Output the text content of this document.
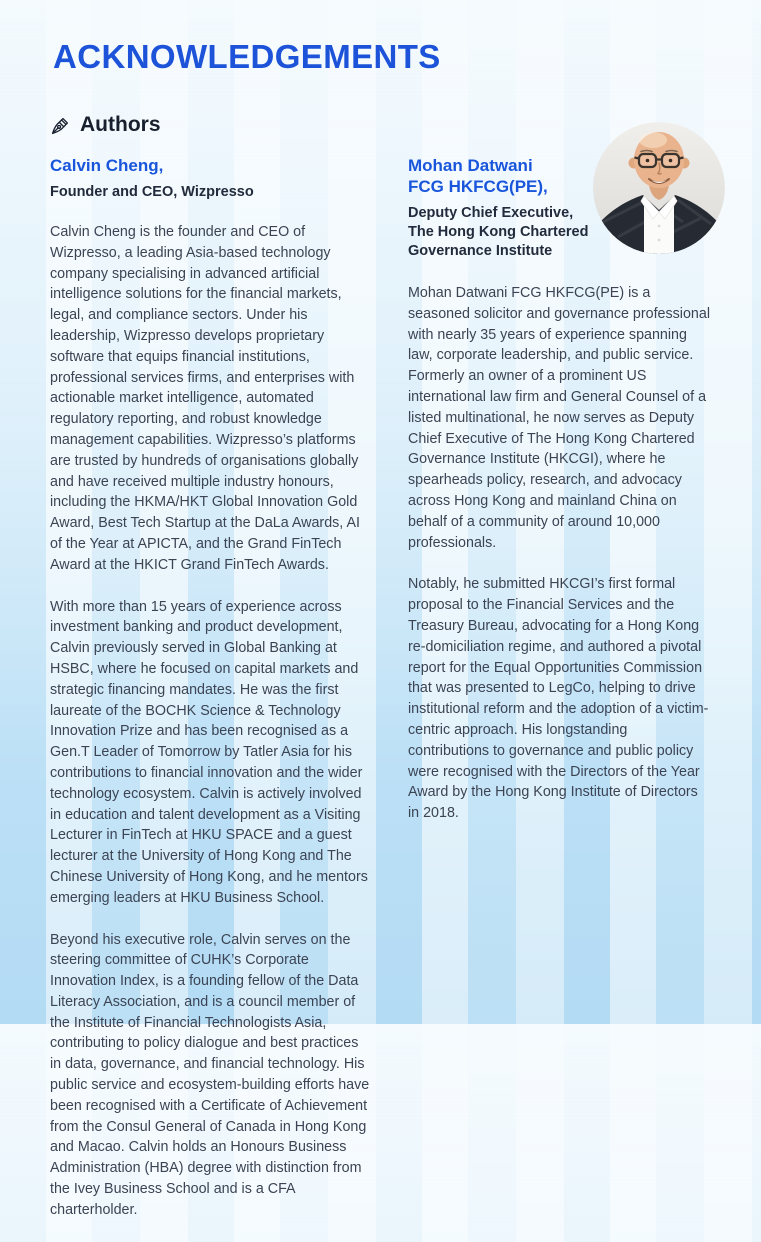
ACKNOWLEDGEMENTS
Authors
Calvin Cheng,
Founder and CEO, Wizpresso

Calvin Cheng is the founder and CEO of Wizpresso, a leading Asia-based technology company specialising in advanced artificial intelligence solutions for the financial markets, legal, and compliance sectors. Under his leadership, Wizpresso develops proprietary software that equips financial institutions, professional services firms, and enterprises with actionable market intelligence, automated regulatory reporting, and robust knowledge management capabilities. Wizpresso’s platforms are trusted by hundreds of organisations globally and have received multiple industry honours, including the HKMA/HKT Global Innovation Gold Award, Best Tech Startup at the DaLa Awards, AI of the Year at APICTA, and the Grand FinTech Award at the HKICT Grand FinTech Awards.

With more than 15 years of experience across investment banking and product development, Calvin previously served in Global Banking at HSBC, where he focused on capital markets and strategic financing mandates. He was the first laureate of the BOCHK Science & Technology Innovation Prize and has been recognised as a Gen.T Leader of Tomorrow by Tatler Asia for his contributions to financial innovation and the wider technology ecosystem. Calvin is actively involved in education and talent development as a Visiting Lecturer in FinTech at HKU SPACE and a guest lecturer at the University of Hong Kong and The Chinese University of Hong Kong, and he mentors emerging leaders at HKU Business School.

Beyond his executive role, Calvin serves on the steering committee of CUHK’s Corporate Innovation Index, is a founding fellow of the Data Literacy Association, and is a council member of the Institute of Financial Technologists Asia, contributing to policy dialogue and best practices in data, governance, and financial technology. His public service and ecosystem-building efforts have been recognised with a Certificate of Achievement from the Consul General of Canada in Hong Kong and Macao. Calvin holds an Honours Business Administration (HBA) degree with distinction from the Ivey Business School and is a CFA charterholder.

Mohan Datwani
FCG HKFCG(PE),
Deputy Chief Executive,
The Hong Kong Chartered
Governance Institute

Mohan Datwani FCG HKFCG(PE) is a seasoned solicitor and governance professional with nearly 35 years of experience spanning law, corporate leadership, and public service. Formerly an owner of a prominent US international law firm and General Counsel of a listed multinational, he now serves as Deputy Chief Executive of The Hong Kong Chartered Governance Institute (HKCGI), where he spearheads policy, research, and advocacy across Hong Kong and mainland China on behalf of a community of around 10,000 professionals.

Notably, he submitted HKCGI’s first formal proposal to the Financial Services and the Treasury Bureau, advocating for a Hong Kong re-domiciliation regime, and authored a pivotal report for the Equal Opportunities Commission that was presented to LegCo, helping to drive institutional reform and the adoption of a victim-centric approach. His longstanding contributions to governance and public policy were recognised with the Directors of the Year Award by the Hong Kong Institute of Directors in 2018.
